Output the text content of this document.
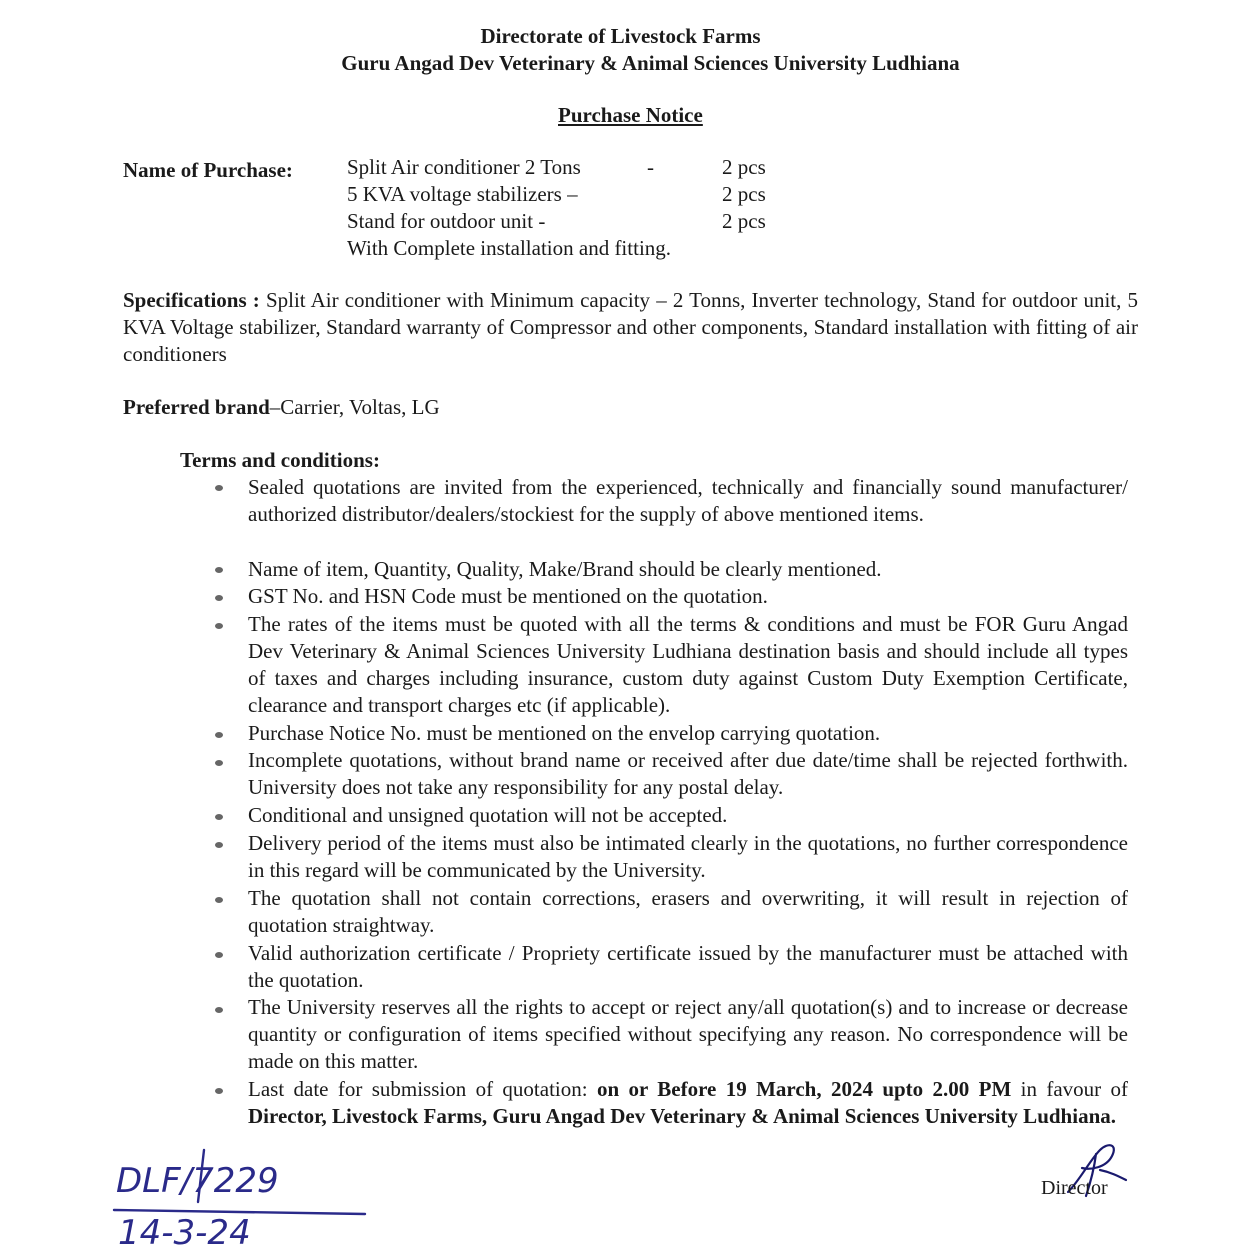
Directorate of Livestock Farms
Guru Angad Dev Veterinary & Animal Sciences University Ludhiana
Purchase Notice
Name of Purchase:	Split Air conditioner 2 Tons	-	2 pcs
5 KVA voltage stabilizers –	2 pcs
Stand for outdoor unit -	2 pcs
With Complete installation and fitting.
Specifications : Split Air conditioner with Minimum capacity – 2 Tonns, Inverter technology, Stand for outdoor unit, 5 KVA Voltage stabilizer, Standard warranty of Compressor and other components, Standard installation with fitting of air conditioners
Preferred brand–Carrier, Voltas, LG
Terms and conditions:
Sealed quotations are invited from the experienced, technically and financially sound manufacturer/ authorized distributor/dealers/stockiest for the supply of above mentioned items.
Name of item, Quantity, Quality, Make/Brand should be clearly mentioned.
GST No. and HSN Code must be mentioned on the quotation.
The rates of the items must be quoted with all the terms & conditions and must be FOR Guru Angad Dev Veterinary & Animal Sciences University Ludhiana destination basis and should include all types of taxes and charges including insurance, custom duty against Custom Duty Exemption Certificate, clearance and transport charges etc (if applicable).
Purchase Notice No. must be mentioned on the envelop carrying quotation.
Incomplete quotations, without brand name or received after due date/time shall be rejected forthwith. University does not take any responsibility for any postal delay.
Conditional and unsigned quotation will not be accepted.
Delivery period of the items must also be intimated clearly in the quotations, no further correspondence in this regard will be communicated by the University.
The quotation shall not contain corrections, erasers and overwriting, it will result in rejection of quotation straightway.
Valid authorization certificate / Propriety certificate issued by the manufacturer must be attached with the quotation.
The University reserves all the rights to accept or reject any/all quotation(s) and to increase or decrease quantity or configuration of items specified without specifying any reason. No correspondence will be made on this matter.
Last date for submission of quotation: on or Before 19 March, 2024 upto 2.00 PM in favour of Director, Livestock Farms, Guru Angad Dev Veterinary & Animal Sciences University Ludhiana.
Director
DLF/7229
14-3-24
